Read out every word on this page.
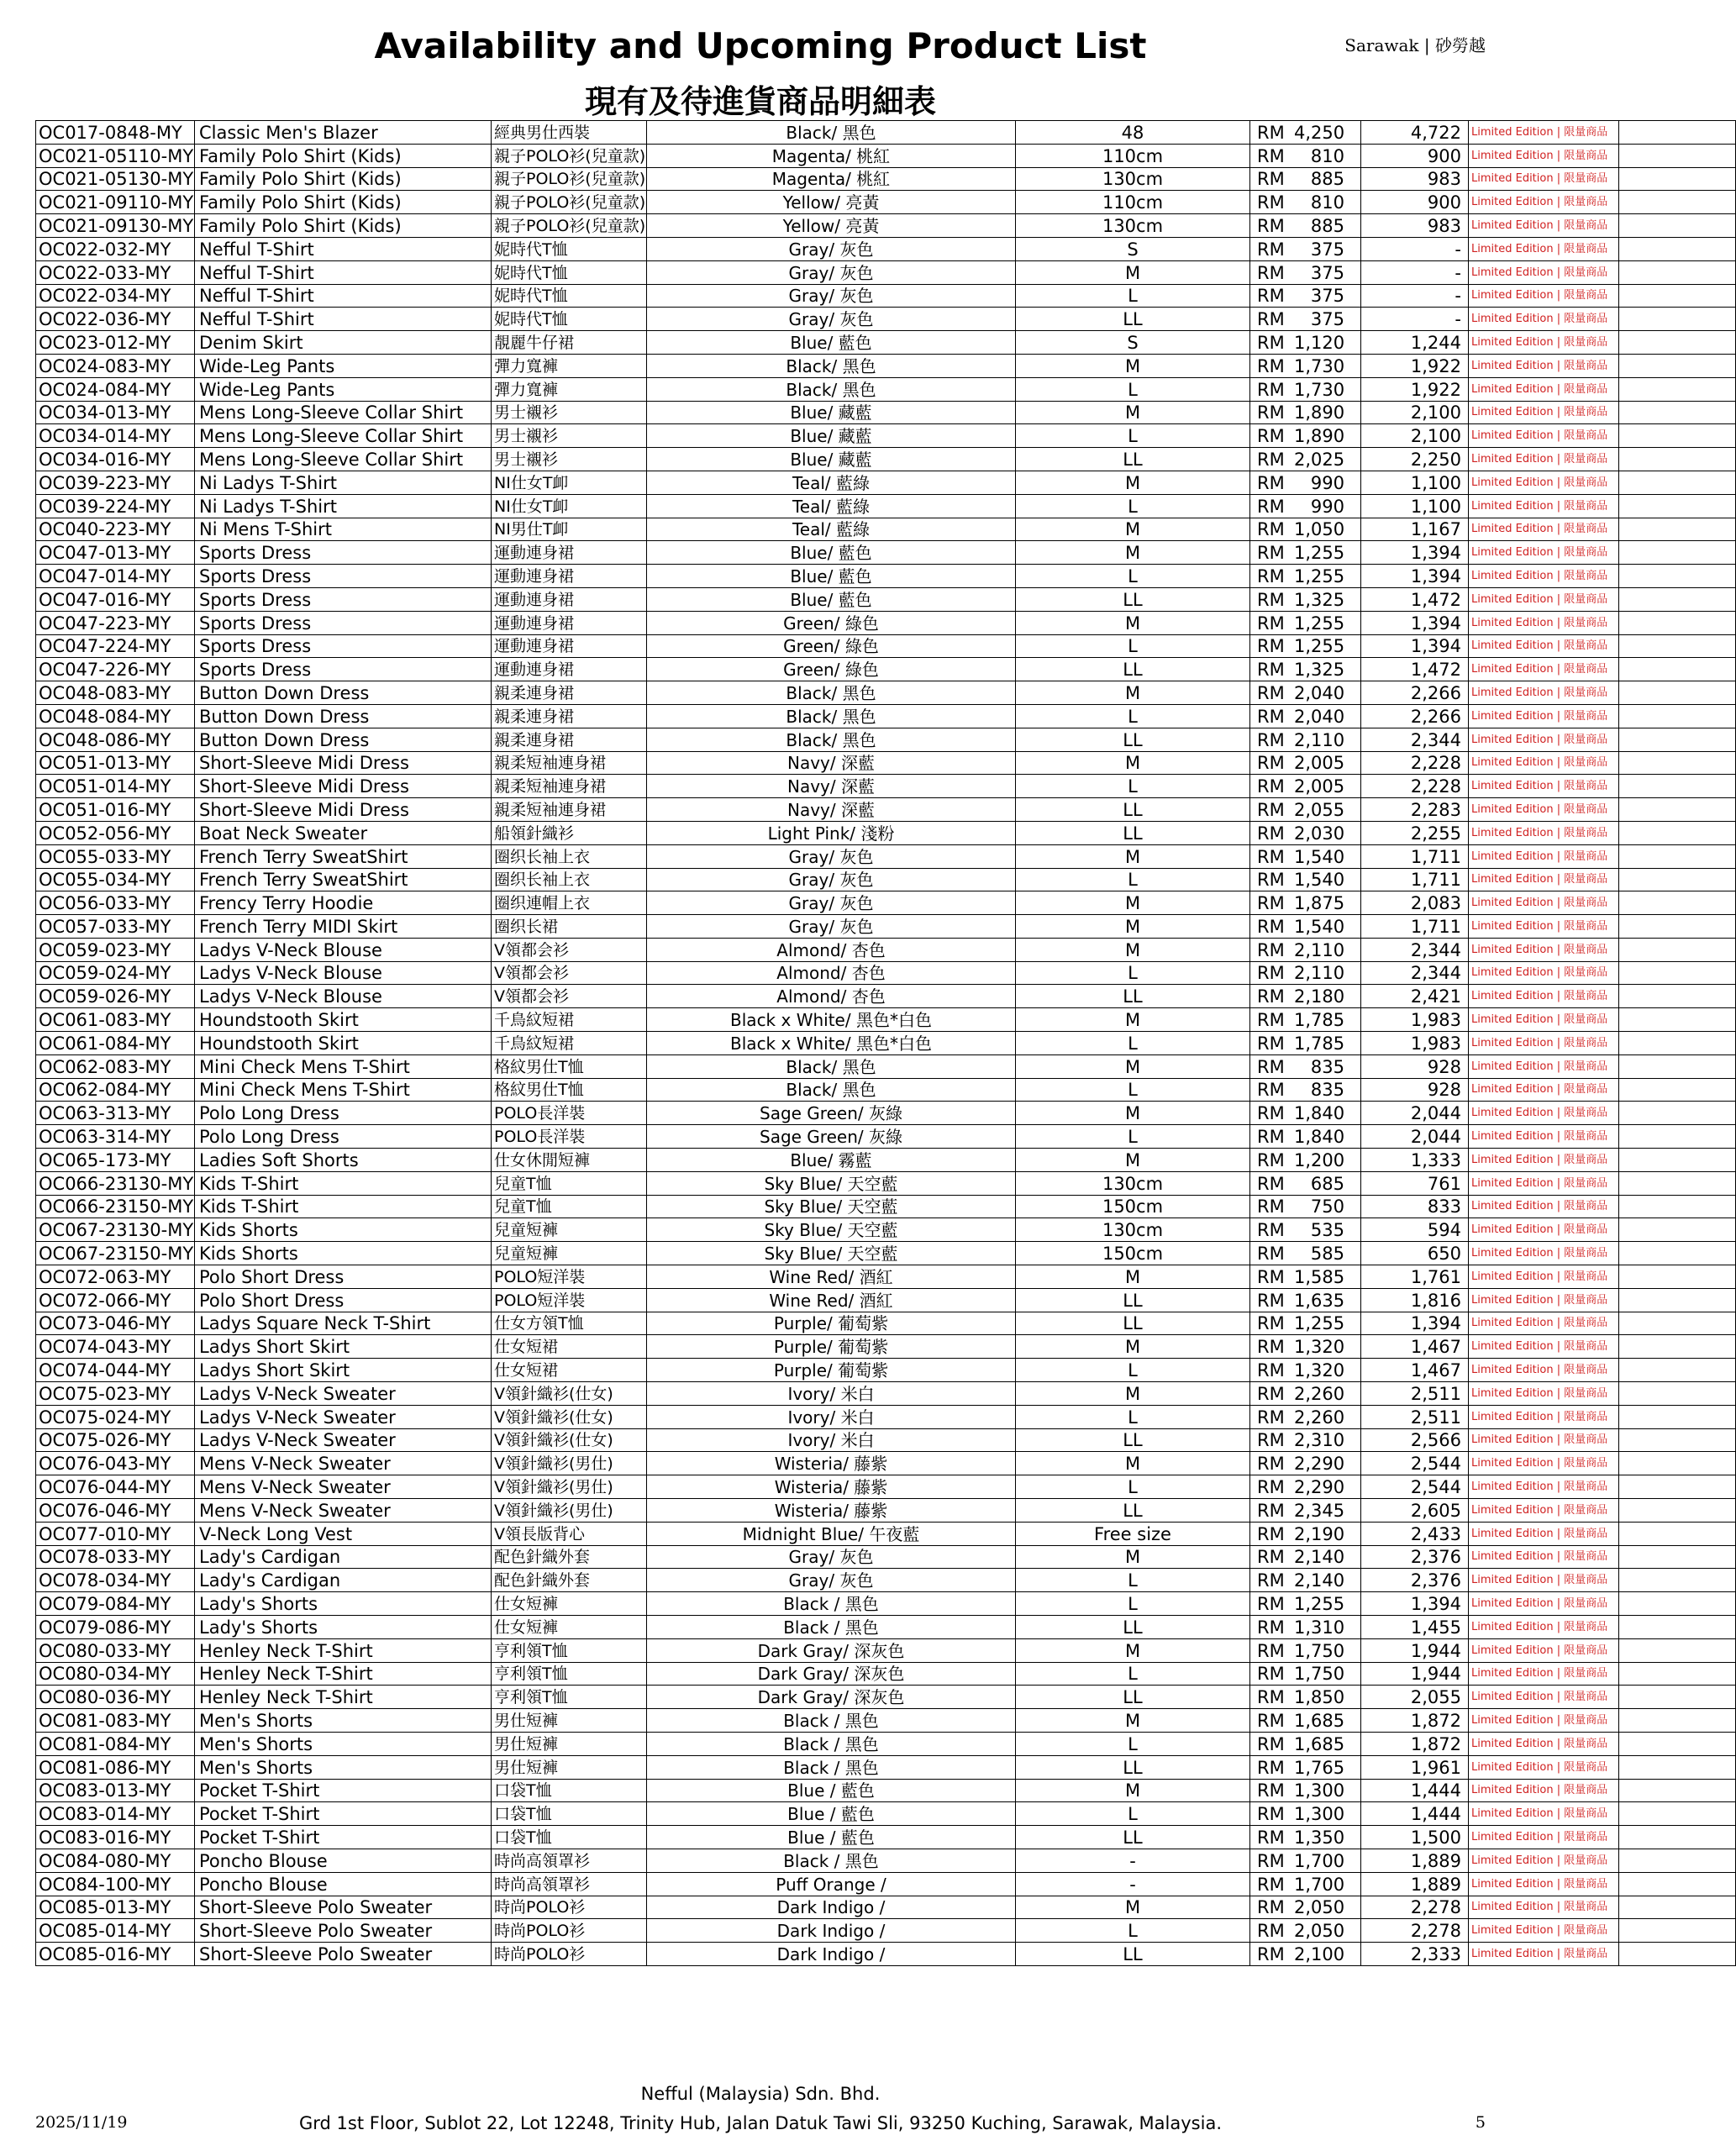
Sarawak | 砂勞越
Availability and Upcoming Product List
現有及待進貨商品明細表
OC017-0848-MY	Classic Men's Blazer	經典男仕西裝	Black/ 黑色	48	RM 4,250	4,722	Limited Edition | 限量商品	
OC021-05110-MY	Family Polo Shirt (Kids)	親子POLO衫(兒童款)	Magenta/ 桃紅	110cm	RM 810	900	Limited Edition | 限量商品	
OC021-05130-MY	Family Polo Shirt (Kids)	親子POLO衫(兒童款)	Magenta/ 桃紅	130cm	RM 885	983	Limited Edition | 限量商品	
OC021-09110-MY	Family Polo Shirt (Kids)	親子POLO衫(兒童款)	Yellow/ 亮黃	110cm	RM 810	900	Limited Edition | 限量商品	
OC021-09130-MY	Family Polo Shirt (Kids)	親子POLO衫(兒童款)	Yellow/ 亮黃	130cm	RM 885	983	Limited Edition | 限量商品	
OC022-032-MY	Nefful T-Shirt	妮時代T恤	Gray/ 灰色	S	RM 375	-	Limited Edition | 限量商品	
OC022-033-MY	Nefful T-Shirt	妮時代T恤	Gray/ 灰色	M	RM 375	-	Limited Edition | 限量商品	
OC022-034-MY	Nefful T-Shirt	妮時代T恤	Gray/ 灰色	L	RM 375	-	Limited Edition | 限量商品	
OC022-036-MY	Nefful T-Shirt	妮時代T恤	Gray/ 灰色	LL	RM 375	-	Limited Edition | 限量商品	
OC023-012-MY	Denim Skirt	靚麗牛仔裙	Blue/ 藍色	S	RM 1,120	1,244	Limited Edition | 限量商品	
OC024-083-MY	Wide-Leg Pants	彈力寬褲	Black/ 黑色	M	RM 1,730	1,922	Limited Edition | 限量商品	
OC024-084-MY	Wide-Leg Pants	彈力寬褲	Black/ 黑色	L	RM 1,730	1,922	Limited Edition | 限量商品	
OC034-013-MY	Mens Long-Sleeve Collar Shirt	男士襯衫	Blue/ 藏藍	M	RM 1,890	2,100	Limited Edition | 限量商品	
OC034-014-MY	Mens Long-Sleeve Collar Shirt	男士襯衫	Blue/ 藏藍	L	RM 1,890	2,100	Limited Edition | 限量商品	
OC034-016-MY	Mens Long-Sleeve Collar Shirt	男士襯衫	Blue/ 藏藍	LL	RM 2,025	2,250	Limited Edition | 限量商品	
OC039-223-MY	Ni Ladys T-Shirt	NI仕女T卹	Teal/ 藍綠	M	RM 990	1,100	Limited Edition | 限量商品	
OC039-224-MY	Ni Ladys T-Shirt	NI仕女T卹	Teal/ 藍綠	L	RM 990	1,100	Limited Edition | 限量商品	
OC040-223-MY	Ni Mens T-Shirt	NI男仕T卹	Teal/ 藍綠	M	RM 1,050	1,167	Limited Edition | 限量商品	
OC047-013-MY	Sports Dress	運動連身裙	Blue/ 藍色	M	RM 1,255	1,394	Limited Edition | 限量商品	
OC047-014-MY	Sports Dress	運動連身裙	Blue/ 藍色	L	RM 1,255	1,394	Limited Edition | 限量商品	
OC047-016-MY	Sports Dress	運動連身裙	Blue/ 藍色	LL	RM 1,325	1,472	Limited Edition | 限量商品	
OC047-223-MY	Sports Dress	運動連身裙	Green/ 綠色	M	RM 1,255	1,394	Limited Edition | 限量商品	
OC047-224-MY	Sports Dress	運動連身裙	Green/ 綠色	L	RM 1,255	1,394	Limited Edition | 限量商品	
OC047-226-MY	Sports Dress	運動連身裙	Green/ 綠色	LL	RM 1,325	1,472	Limited Edition | 限量商品	
OC048-083-MY	Button Down Dress	親柔連身裙	Black/ 黑色	M	RM 2,040	2,266	Limited Edition | 限量商品	
OC048-084-MY	Button Down Dress	親柔連身裙	Black/ 黑色	L	RM 2,040	2,266	Limited Edition | 限量商品	
OC048-086-MY	Button Down Dress	親柔連身裙	Black/ 黑色	LL	RM 2,110	2,344	Limited Edition | 限量商品	
OC051-013-MY	Short-Sleeve Midi Dress	親柔短袖連身裙	Navy/ 深藍	M	RM 2,005	2,228	Limited Edition | 限量商品	
OC051-014-MY	Short-Sleeve Midi Dress	親柔短袖連身裙	Navy/ 深藍	L	RM 2,005	2,228	Limited Edition | 限量商品	
OC051-016-MY	Short-Sleeve Midi Dress	親柔短袖連身裙	Navy/ 深藍	LL	RM 2,055	2,283	Limited Edition | 限量商品	
OC052-056-MY	Boat Neck Sweater	船領針織衫	Light Pink/ 淺粉	LL	RM 2,030	2,255	Limited Edition | 限量商品	
OC055-033-MY	French Terry SweatShirt	圈织长袖上衣	Gray/ 灰色	M	RM 1,540	1,711	Limited Edition | 限量商品	
OC055-034-MY	French Terry SweatShirt	圈织长袖上衣	Gray/ 灰色	L	RM 1,540	1,711	Limited Edition | 限量商品	
OC056-033-MY	Frency Terry Hoodie	圈织連帽上衣	Gray/ 灰色	M	RM 1,875	2,083	Limited Edition | 限量商品	
OC057-033-MY	French Terry MIDI Skirt	圈织长裙	Gray/ 灰色	M	RM 1,540	1,711	Limited Edition | 限量商品	
OC059-023-MY	Ladys V-Neck Blouse	V領都会衫	Almond/ 杏色	M	RM 2,110	2,344	Limited Edition | 限量商品	
OC059-024-MY	Ladys V-Neck Blouse	V領都会衫	Almond/ 杏色	L	RM 2,110	2,344	Limited Edition | 限量商品	
OC059-026-MY	Ladys V-Neck Blouse	V領都会衫	Almond/ 杏色	LL	RM 2,180	2,421	Limited Edition | 限量商品	
OC061-083-MY	Houndstooth Skirt	千鳥紋短裙	Black x White/ 黑色*白色	M	RM 1,785	1,983	Limited Edition | 限量商品	
OC061-084-MY	Houndstooth Skirt	千鳥紋短裙	Black x White/ 黑色*白色	L	RM 1,785	1,983	Limited Edition | 限量商品	
OC062-083-MY	Mini Check Mens T-Shirt	格紋男仕T恤	Black/ 黑色	M	RM 835	928	Limited Edition | 限量商品	
OC062-084-MY	Mini Check Mens T-Shirt	格紋男仕T恤	Black/ 黑色	L	RM 835	928	Limited Edition | 限量商品	
OC063-313-MY	Polo Long Dress	POLO長洋裝	Sage Green/ 灰綠	M	RM 1,840	2,044	Limited Edition | 限量商品	
OC063-314-MY	Polo Long Dress	POLO長洋裝	Sage Green/ 灰綠	L	RM 1,840	2,044	Limited Edition | 限量商品	
OC065-173-MY	Ladies Soft Shorts	仕女休閒短褲	Blue/ 霧藍	M	RM 1,200	1,333	Limited Edition | 限量商品	
OC066-23130-MY	Kids T-Shirt	兒童T恤	Sky Blue/ 天空藍	130cm	RM 685	761	Limited Edition | 限量商品	
OC066-23150-MY	Kids T-Shirt	兒童T恤	Sky Blue/ 天空藍	150cm	RM 750	833	Limited Edition | 限量商品	
OC067-23130-MY	Kids Shorts	兒童短褲	Sky Blue/ 天空藍	130cm	RM 535	594	Limited Edition | 限量商品	
OC067-23150-MY	Kids Shorts	兒童短褲	Sky Blue/ 天空藍	150cm	RM 585	650	Limited Edition | 限量商品	
OC072-063-MY	Polo Short Dress	POLO短洋裝	Wine Red/ 酒紅	M	RM 1,585	1,761	Limited Edition | 限量商品	
OC072-066-MY	Polo Short Dress	POLO短洋裝	Wine Red/ 酒紅	LL	RM 1,635	1,816	Limited Edition | 限量商品	
OC073-046-MY	Ladys Square Neck T-Shirt	仕女方領T恤	Purple/ 葡萄紫	LL	RM 1,255	1,394	Limited Edition | 限量商品	
OC074-043-MY	Ladys Short Skirt	仕女短裙	Purple/ 葡萄紫	M	RM 1,320	1,467	Limited Edition | 限量商品	
OC074-044-MY	Ladys Short Skirt	仕女短裙	Purple/ 葡萄紫	L	RM 1,320	1,467	Limited Edition | 限量商品	
OC075-023-MY	Ladys V-Neck Sweater	V領針織衫(仕女)	Ivory/ 米白	M	RM 2,260	2,511	Limited Edition | 限量商品	
OC075-024-MY	Ladys V-Neck Sweater	V領針織衫(仕女)	Ivory/ 米白	L	RM 2,260	2,511	Limited Edition | 限量商品	
OC075-026-MY	Ladys V-Neck Sweater	V領針織衫(仕女)	Ivory/ 米白	LL	RM 2,310	2,566	Limited Edition | 限量商品	
OC076-043-MY	Mens V-Neck Sweater	V領針織衫(男仕)	Wisteria/ 藤紫	M	RM 2,290	2,544	Limited Edition | 限量商品	
OC076-044-MY	Mens V-Neck Sweater	V領針織衫(男仕)	Wisteria/ 藤紫	L	RM 2,290	2,544	Limited Edition | 限量商品	
OC076-046-MY	Mens V-Neck Sweater	V領針織衫(男仕)	Wisteria/ 藤紫	LL	RM 2,345	2,605	Limited Edition | 限量商品	
OC077-010-MY	V-Neck Long Vest	V領長版背心	Midnight Blue/ 午夜藍	Free size	RM 2,190	2,433	Limited Edition | 限量商品	
OC078-033-MY	Lady's Cardigan	配色針織外套	Gray/ 灰色	M	RM 2,140	2,376	Limited Edition | 限量商品	
OC078-034-MY	Lady's Cardigan	配色針織外套	Gray/ 灰色	L	RM 2,140	2,376	Limited Edition | 限量商品	
OC079-084-MY	Lady's Shorts	仕女短褲	Black / 黑色	L	RM 1,255	1,394	Limited Edition | 限量商品	
OC079-086-MY	Lady's Shorts	仕女短褲	Black / 黑色	LL	RM 1,310	1,455	Limited Edition | 限量商品	
OC080-033-MY	Henley Neck T-Shirt	亨利領T恤	Dark Gray/ 深灰色	M	RM 1,750	1,944	Limited Edition | 限量商品	
OC080-034-MY	Henley Neck T-Shirt	亨利領T恤	Dark Gray/ 深灰色	L	RM 1,750	1,944	Limited Edition | 限量商品	
OC080-036-MY	Henley Neck T-Shirt	亨利領T恤	Dark Gray/ 深灰色	LL	RM 1,850	2,055	Limited Edition | 限量商品	
OC081-083-MY	Men's Shorts	男仕短褲	Black / 黑色	M	RM 1,685	1,872	Limited Edition | 限量商品	
OC081-084-MY	Men's Shorts	男仕短褲	Black / 黑色	L	RM 1,685	1,872	Limited Edition | 限量商品	
OC081-086-MY	Men's Shorts	男仕短褲	Black / 黑色	LL	RM 1,765	1,961	Limited Edition | 限量商品	
OC083-013-MY	Pocket T-Shirt	口袋T恤	Blue / 藍色	M	RM 1,300	1,444	Limited Edition | 限量商品	
OC083-014-MY	Pocket T-Shirt	口袋T恤	Blue / 藍色	L	RM 1,300	1,444	Limited Edition | 限量商品	
OC083-016-MY	Pocket T-Shirt	口袋T恤	Blue / 藍色	LL	RM 1,350	1,500	Limited Edition | 限量商品	
OC084-080-MY	Poncho Blouse	時尚高領罩衫	Black / 黑色	-	RM 1,700	1,889	Limited Edition | 限量商品	
OC084-100-MY	Poncho Blouse	時尚高領罩衫	Puff Orange /	-	RM 1,700	1,889	Limited Edition | 限量商品	
OC085-013-MY	Short-Sleeve Polo Sweater	時尚POLO衫	Dark Indigo /	M	RM 2,050	2,278	Limited Edition | 限量商品	
OC085-014-MY	Short-Sleeve Polo Sweater	時尚POLO衫	Dark Indigo /	L	RM 2,050	2,278	Limited Edition | 限量商品	
OC085-016-MY	Short-Sleeve Polo Sweater	時尚POLO衫	Dark Indigo /	LL	RM 2,100	2,333	Limited Edition | 限量商品	
Nefful (Malaysia) Sdn. Bhd.
2025/11/19	Grd 1st Floor, Sublot 22, Lot 12248, Trinity Hub, Jalan Datuk Tawi Sli, 93250 Kuching, Sarawak, Malaysia.	5
